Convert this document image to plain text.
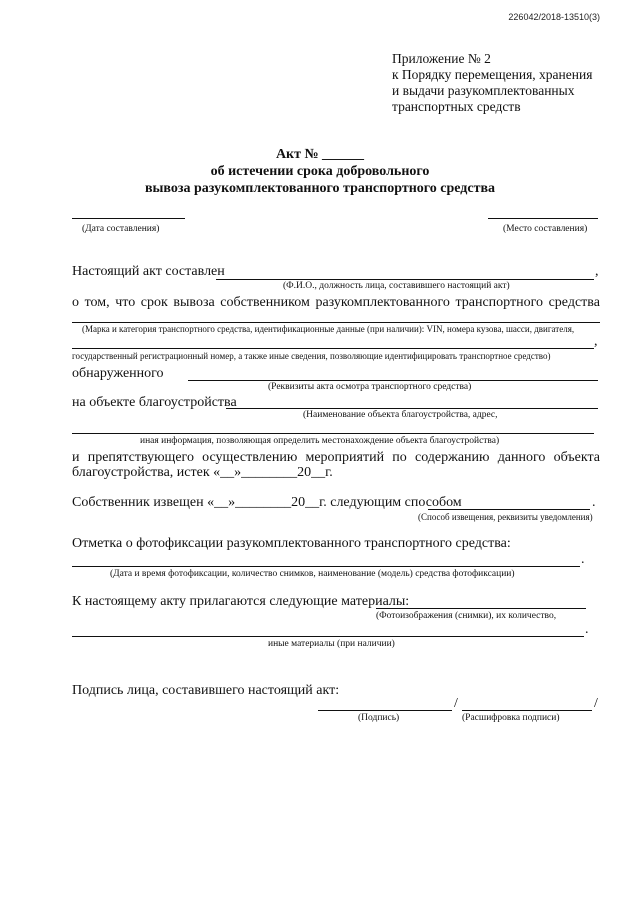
226042/2018-13510(3)
Приложение № 2
к Порядку перемещения, хранения
и выдачи разукомплектованных
транспортных средств
Акт № ______
об истечении срока добровольного
вывоза разукомплектованного транспортного средства
(Дата составления)	(Место составления)
Настоящий акт составлен	,
(Ф.И.О., должность лица, составившего настоящий акт)
о том, что срок вывоза собственником разукомплектованного транспортного средства
(Марка и категория транспортного средства, идентификационные данные (при наличии): VIN, номера кузова, шасси, двигателя,
,
государственный регистрационный номер, а также иные сведения, позволяющие идентифицировать транспортное средство)
обнаруженного
(Реквизиты акта осмотра транспортного средства)
на объекте благоустройства
(Наименование объекта благоустройства, адрес,
иная информация, позволяющая определить местонахождение объекта благоустройства)
и препятствующего осуществлению мероприятий по содержанию данного объекта
благоустройства, истек «__»________20__г.
Собственник извещен «__»________20__г. следующим способом	.
(Способ извещения, реквизиты уведомления)
Отметка о фотофиксации разукомплектованного транспортного средства:
.
(Дата и время фотофиксации, количество снимков, наименование (модель) средства фотофиксации)
К настоящему акту прилагаются следующие материалы:
(Фотоизображения (снимки), их количество,
.
иные материалы (при наличии)
Подпись лица, составившего настоящий акт:
/	/
(Подпись)	(Расшифровка подписи)
